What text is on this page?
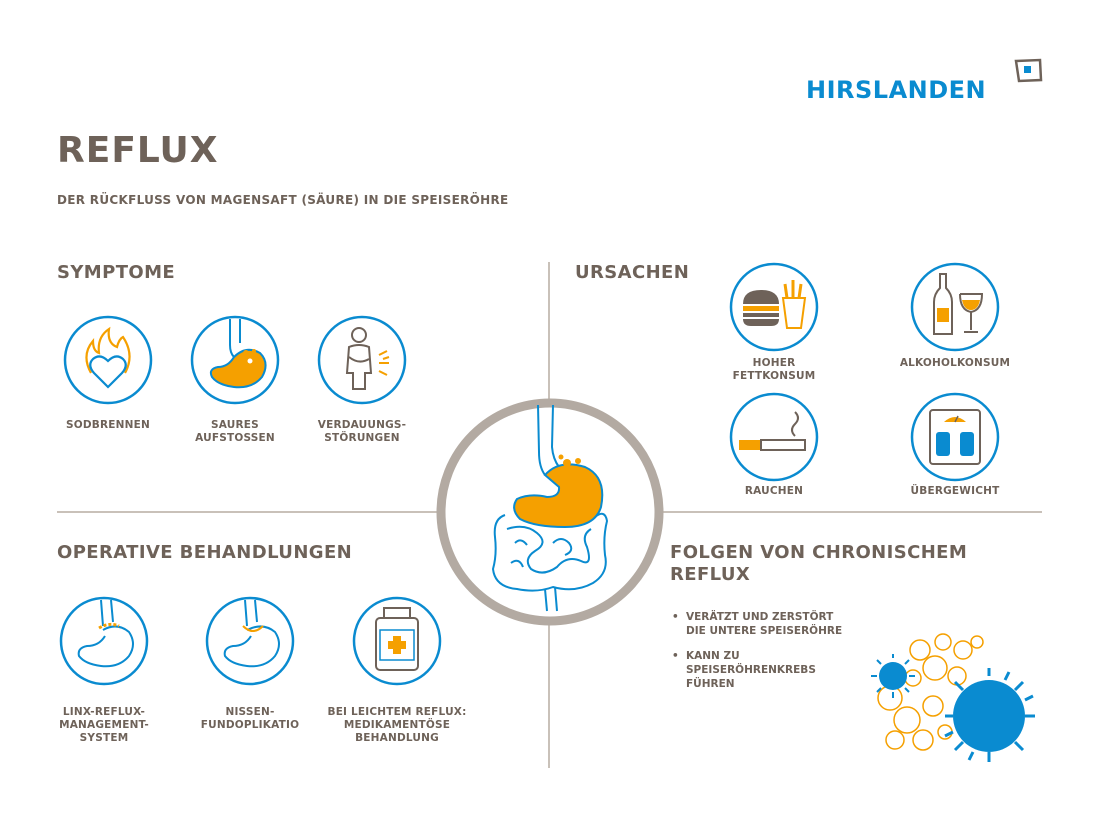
HIRSLANDEN
REFLUX
DER RÜCKFLUSS VON MAGENSAFT (SÄURE) IN DIE SPEISERÖHRE
SYMPTOME
SODBRENNEN	SAURES
AUFSTOSSEN
VERDAUUNGS-
STÖRUNGEN
URSACHEN
HOHER
FETTKONSUM
ALKOHOLKONSUM
RAUCHEN	ÜBERGEWICHT
OPERATIVE BEHANDLUNGEN
LINX-REFLUX-
MANAGEMENT-
SYSTEM
NISSEN-
FUNDOPLIKATIO
BEI LEICHTEM REFLUX:
MEDIKAMENTÖSE
BEHANDLUNG
FOLGEN VON CHRONISCHEM
REFLUX
• VERÄTZT UND ZERSTÖRT
DIE UNTERE SPEISERÖHRE
• KANN ZU
SPEISERÖHRENKREBS
FÜHREN
